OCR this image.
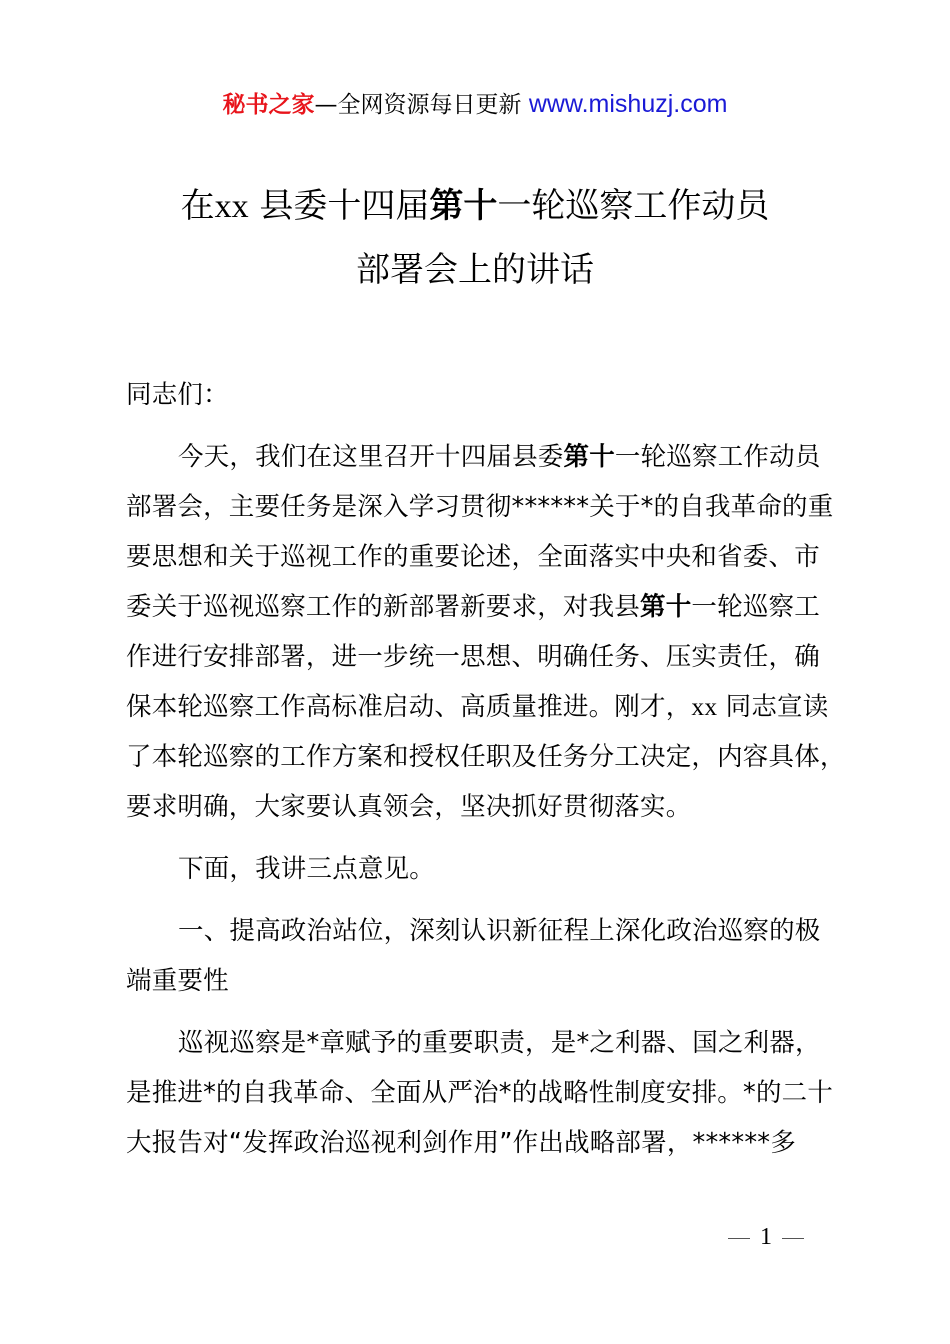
秘书之家—全网资源每日更新 www.mishuzj.com
在xx 县委十四届第十一轮巡察工作动员
部署会上的讲话
同志们：
今天，我们在这里召开十四届县委第十一轮巡察工作动员
部署会，主要任务是深入学习贯彻******关于*的自我革命的重
要思想和关于巡视工作的重要论述，全面落实中央和省委、市
委关于巡视巡察工作的新部署新要求，对我县第十一轮巡察工
作进行安排部署，进一步统一思想、明确任务、压实责任，确
保本轮巡察工作高标准启动、高质量推进。刚才，xx 同志宣读
了本轮巡察的工作方案和授权任职及任务分工决定，内容具体，
要求明确，大家要认真领会，坚决抓好贯彻落实。
下面，我讲三点意见。
一、提高政治站位，深刻认识新征程上深化政治巡察的极
端重要性
巡视巡察是*章赋予的重要职责，是*之利器、国之利器，
是推进*的自我革命、全面从严治*的战略性制度安排。*的二十
大报告对“发挥政治巡视利剑作用”作出战略部署，******多
1
